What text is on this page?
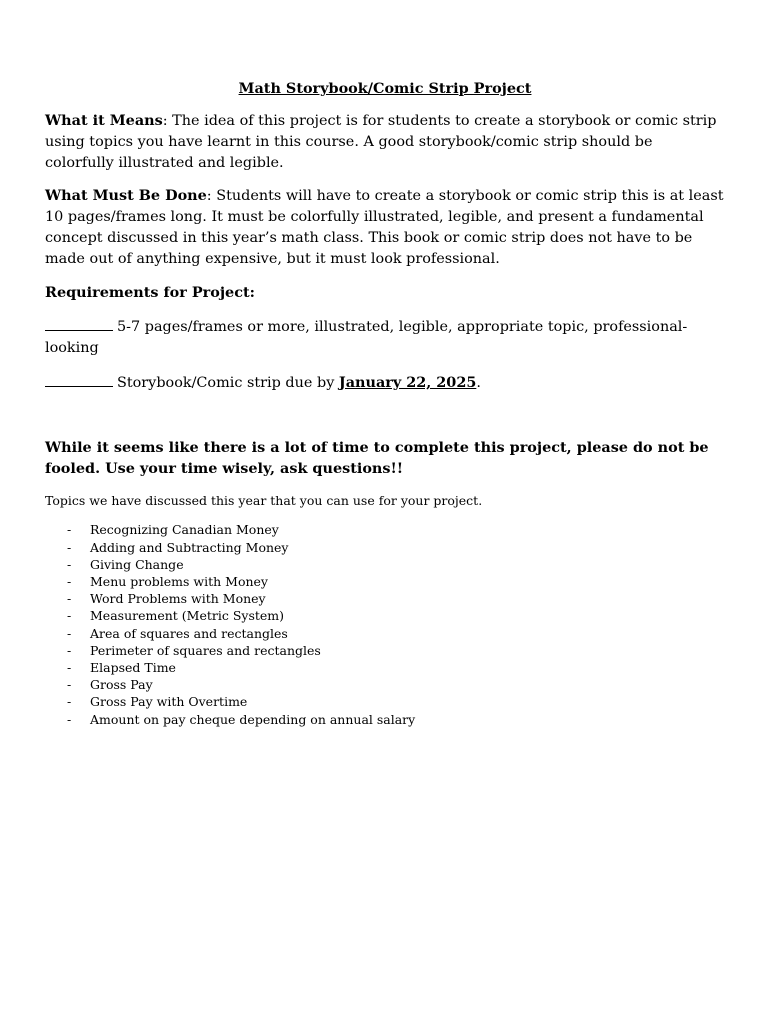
Math Storybook/Comic Strip Project

What it Means: The idea of this project is for students to create a storybook or comic strip using topics you have learnt in this course. A good storybook/comic strip should be colorfully illustrated and legible.

What Must Be Done: Students will have to create a storybook or comic strip this is at least 10 pages/frames long. It must be colorfully illustrated, legible, and present a fundamental concept discussed in this year’s math class. This book or comic strip does not have to be made out of anything expensive, but it must look professional.

Requirements for Project:

5-7 pages/frames or more, illustrated, legible, appropriate topic, professional-looking

Storybook/Comic strip due by January 22, 2025.

While it seems like there is a lot of time to complete this project, please do not be fooled. Use your time wisely, ask questions!!

Topics we have discussed this year that you can use for your project.

-	Recognizing Canadian Money
-	Adding and Subtracting Money
-	Giving Change
-	Menu problems with Money
-	Word Problems with Money
-	Measurement (Metric System)
-	Area of squares and rectangles
-	Perimeter of squares and rectangles
-	Elapsed Time
-	Gross Pay
-	Gross Pay with Overtime
-	Amount on pay cheque depending on annual salary
